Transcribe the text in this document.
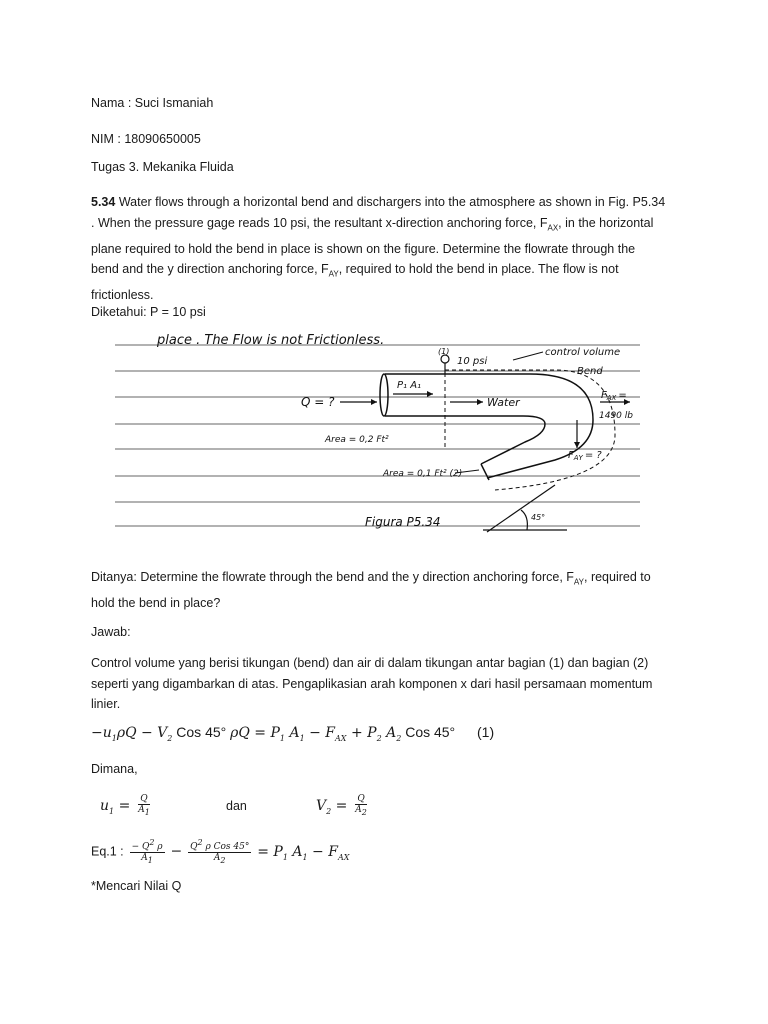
Nama : Suci Ismaniah
NIM : 18090650005
Tugas 3. Mekanika Fluida
5.34 Water flows through a horizontal bend and dischargers into the atmosphere as shown in Fig. P5.34
. When the pressure gage reads 10 psi, the resultant x-direction anchoring force, $F_{AX}$, in the horizontal
plane required to hold the bend in place is shown on the figure. Determine the flowrate through the
bend and the y direction anchoring force, $F_{AY}$, required to hold the bend in place. The flow is not
frictionless.
Diketahui: P = 10 psi
place . The Flow is not Frictionless.
(1)
10 psi
control volume
Bend
P₁ A₁
Q = ?	Water
$F_{AX}$ =
1490 lb
Area = 0,2 Ft²
$F_{AY}$ = ?
Area = 0,1 Ft² (2)
45°
Figura P5.34
Ditanya: Determine the flowrate through the bend and the y direction anchoring force, $F_{AY}$, required to
hold the bend in place?
Jawab:
Control volume yang berisi tikungan (bend) dan air di dalam tikungan antar bagian (1) dan bagian (2)
seperti yang digambarkan di atas. Pengaplikasian arah komponen x dari hasil persamaan momentum
linier.
$-u_1\rho Q - V_2$ Cos 45° $\rho Q = P_1$ $A_1 - F_{AX} + P_2$ $A_2$ Cos 45° (1)
Dimana,
$u_1 = \frac{Q}{A_1}$	dan	$V_2 = \frac{Q}{A_2}$
Eq.1 : $\frac{- Q^2 \rho}{A_1} - \frac{Q^2 \rho Cos 45^\circ}{A_2} = P_1$ $A_1 - F_{AX}$
*Mencari Nilai Q
